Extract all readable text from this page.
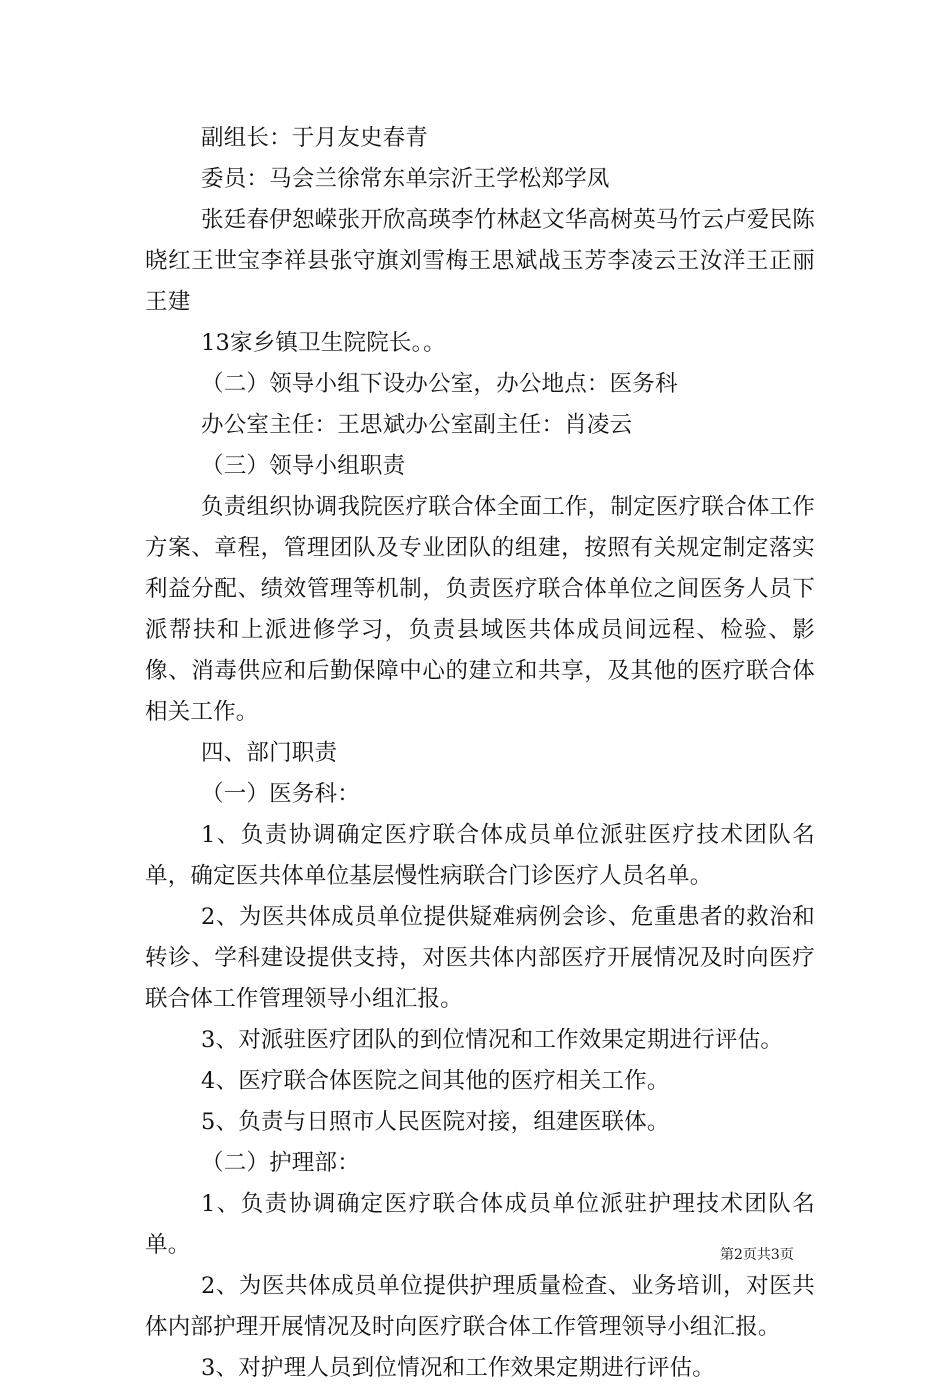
副组长：于月友史春青

委员：马会兰徐常东单宗沂王学松郑学凤

张廷春伊恕嵘张开欣高瑛李竹林赵文华高树英马竹云卢爱民陈晓红王世宝李祥县张守旗刘雪梅王思斌战玉芳李凌云王汝洋王正丽王建

13家乡镇卫生院院长。。

（二）领导小组下设办公室，办公地点：医务科

办公室主任：王思斌办公室副主任：肖凌云

（三）领导小组职责

负责组织协调我院医疗联合体全面工作，制定医疗联合体工作方案、章程，管理团队及专业团队的组建，按照有关规定制定落实利益分配、绩效管理等机制，负责医疗联合体单位之间医务人员下派帮扶和上派进修学习，负责县域医共体成员间远程、检验、影像、消毒供应和后勤保障中心的建立和共享，及其他的医疗联合体相关工作。

四、部门职责

（一）医务科：

1、负责协调确定医疗联合体成员单位派驻医疗技术团队名单，确定医共体单位基层慢性病联合门诊医疗人员名单。

2、为医共体成员单位提供疑难病例会诊、危重患者的救治和转诊、学科建设提供支持，对医共体内部医疗开展情况及时向医疗联合体工作管理领导小组汇报。

3、对派驻医疗团队的到位情况和工作效果定期进行评估。

4、医疗联合体医院之间其他的医疗相关工作。

5、负责与日照市人民医院对接，组建医联体。

（二）护理部：

1、负责协调确定医疗联合体成员单位派驻护理技术团队名单。

2、为医共体成员单位提供护理质量检查、业务培训，对医共体内部护理开展情况及时向医疗联合体工作管理领导小组汇报。

3、对护理人员到位情况和工作效果定期进行评估。

第2页共3页
